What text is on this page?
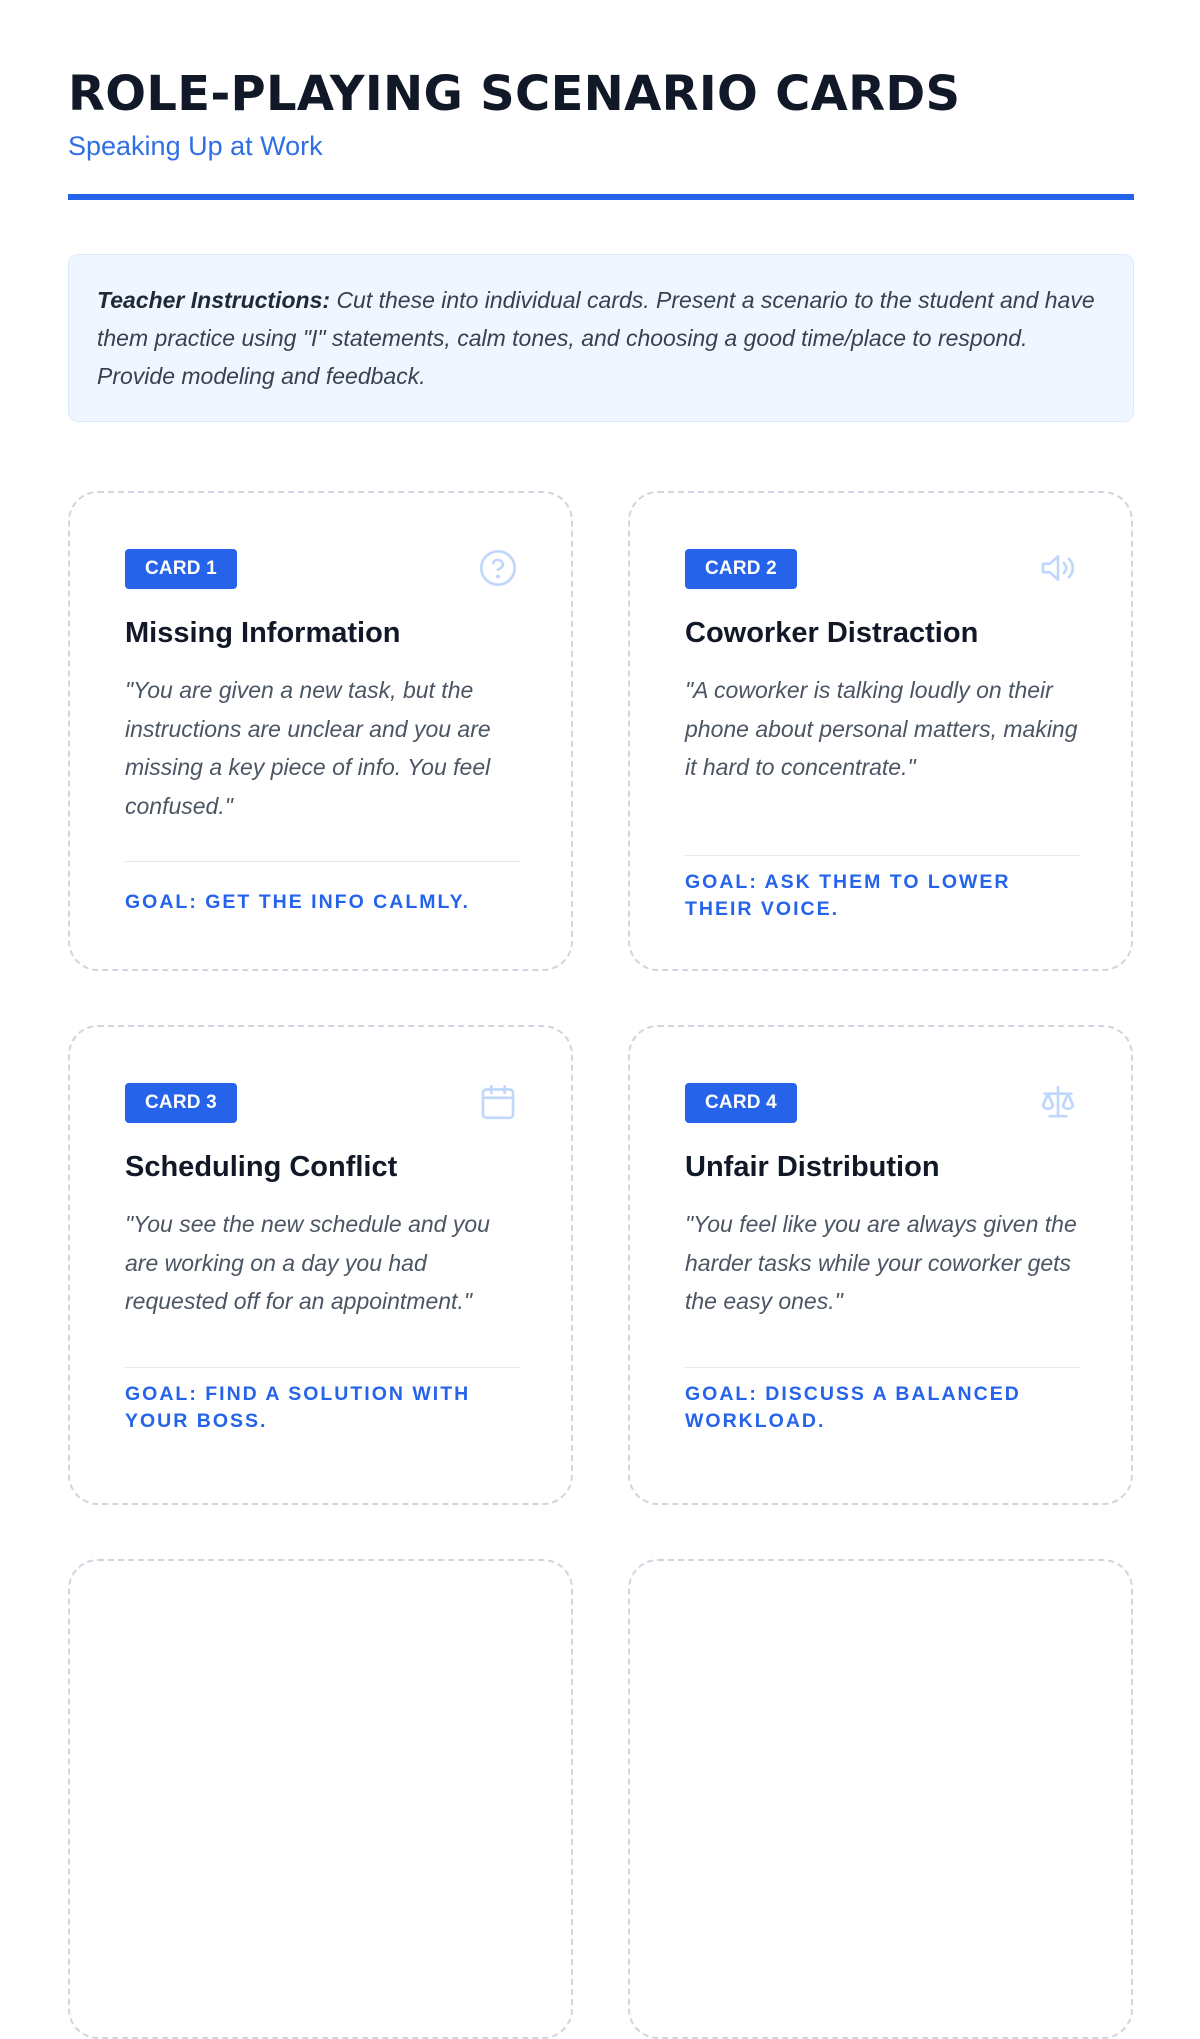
ROLE-PLAYING SCENARIO CARDS
Speaking Up at Work
Teacher Instructions: Cut these into individual cards. Present a scenario to the student and have them practice using "I" statements, calm tones, and choosing a good time/place to respond. Provide modeling and feedback.
CARD 1
Missing Information

"You are given a new task, but the instructions are unclear and you are missing a key piece of info. You feel confused."

GOAL: GET THE INFO CALMLY.
CARD 2
Coworker Distraction

"A coworker is talking loudly on their phone about personal matters, making it hard to concentrate."

GOAL: ASK THEM TO LOWER THEIR VOICE.
CARD 3
Scheduling Conflict

"You see the new schedule and you are working on a day you had requested off for an appointment."

GOAL: FIND A SOLUTION WITH YOUR BOSS.
CARD 4
Unfair Distribution

"You feel like you are always given the harder tasks while your coworker gets the easy ones."

GOAL: DISCUSS A BALANCED WORKLOAD.
